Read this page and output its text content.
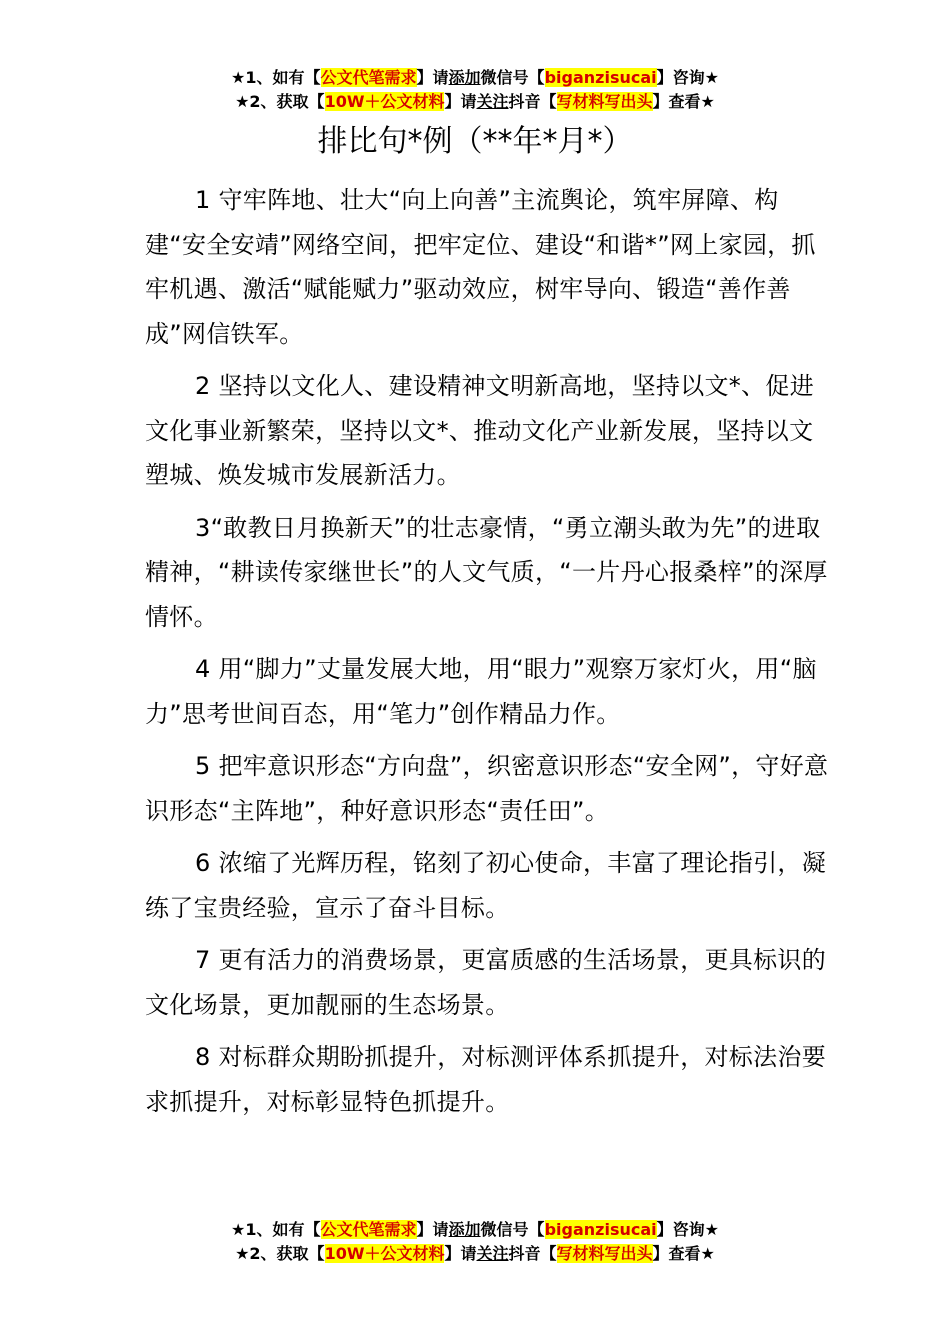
★1、如有【公文代笔需求】请添加微信号【biganzisucai】咨询★
★2、获取【10W＋公文材料】请关注抖音【写材料写出头】查看★
排比句*例（**年*月*）

1 守牢阵地、壮大“向上向善”主流舆论，筑牢屏障、构建“安全安靖”网络空间，把牢定位、建设“和谐*”网上家园，抓牢机遇、激活“赋能赋力”驱动效应，树牢导向、锻造“善作善成”网信铁军。

2 坚持以文化人、建设精神文明新高地，坚持以文*、促进文化事业新繁荣，坚持以文*、推动文化产业新发展，坚持以文塑城、焕发城市发展新活力。

3“敢教日月换新天”的壮志豪情，“勇立潮头敢为先”的进取精神，“耕读传家继世长”的人文气质，“一片丹心报桑梓”的深厚情怀。

4 用“脚力”丈量发展大地，用“眼力”观察万家灯火，用“脑力”思考世间百态，用“笔力”创作精品力作。

5 把牢意识形态“方向盘”，织密意识形态“安全网”，守好意识形态“主阵地”，种好意识形态“责任田”。

6 浓缩了光辉历程，铭刻了初心使命，丰富了理论指引，凝练了宝贵经验，宣示了奋斗目标。

7 更有活力的消费场景，更富质感的生活场景，更具标识的文化场景，更加靓丽的生态场景。

8 对标群众期盼抓提升，对标测评体系抓提升，对标法治要求抓提升，对标彰显特色抓提升。

★1、如有【公文代笔需求】请添加微信号【biganzisucai】咨询★
★2、获取【10W＋公文材料】请关注抖音【写材料写出头】查看★
